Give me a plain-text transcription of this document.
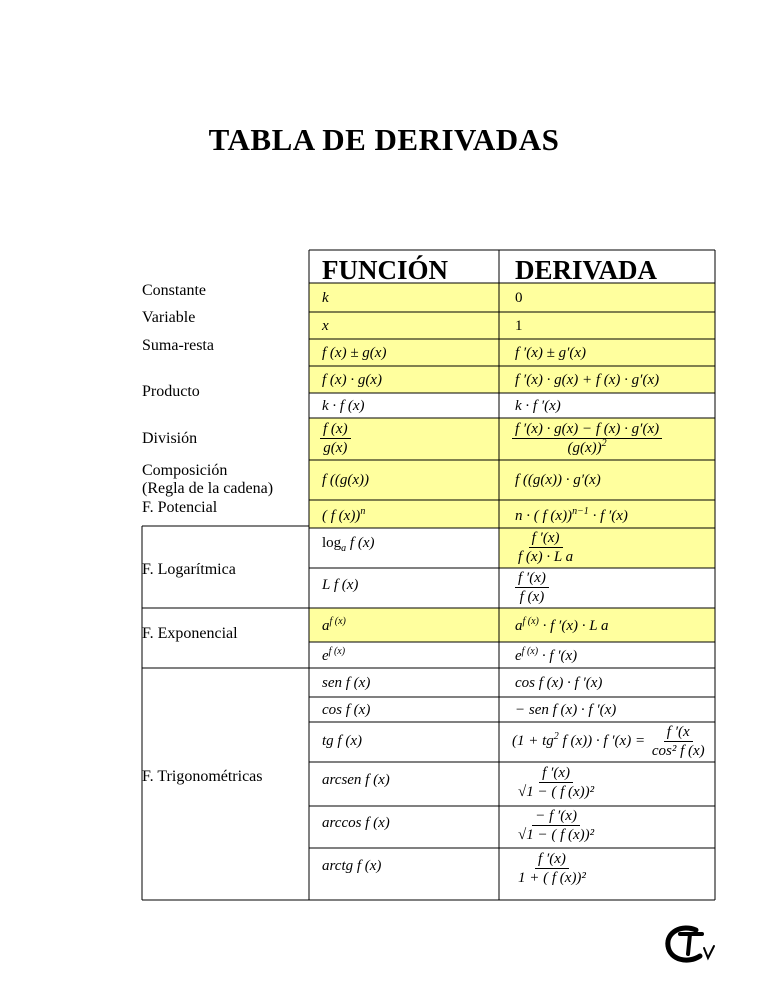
TABLA DE DERIVADAS
FUNCIÓN DERIVADA
Constante
Variable
Suma-resta
Producto
División
Composición
(Regla de la cadena)
F. Potencial
F. Logarítmica
F. Exponencial
F. Trigonométricas
k
x
f (x) ± g(x)
f (x) · g(x)
k · f (x)
$\frac{f (x)}{g(x)}$
f ((g(x))
( f (x))$^n$
$\log_a f$ (x)
L f (x)
$a^{f (x)}$
$e^{f (x)}$
sen f (x)
cos f (x)
tg f (x)
arcsen f (x)
arccos f (x)
arctg f (x)
0
1
f ′(x) ± g′(x)
f ′(x) · g(x) + f (x) · g′(x)
k · f ′(x)
$\frac{f '(x) \cdot g(x) - f (x) \cdot g'(x)}{(g(x))^2}$
f ((g(x)) · g′(x)
n · ( f (x))$^{n-1}$ · f ′(x)
$\frac{f '(x)}{\text{f (x) · L a}}$
$\frac{f '(x)}{f (x)}$
$a^{f (x)} \cdot f$ ′(x) · L a
$e^{f (x)} \cdot f$ ′(x)
cos f (x) · f ′(x)
− sen f (x) · f ′(x)
($1 + tg^2$ f (x)) · f $'(x) = \frac{f '(x}{\text{cos² f (x)}}$
$\frac{f '(x)}{\text{√1 − ( f (x))²}}$
$\frac{- f '(x)}{\text{√1 − ( f (x))²}}$
$\frac{f '(x)}{\text{1 + ( f (x))²}}$
